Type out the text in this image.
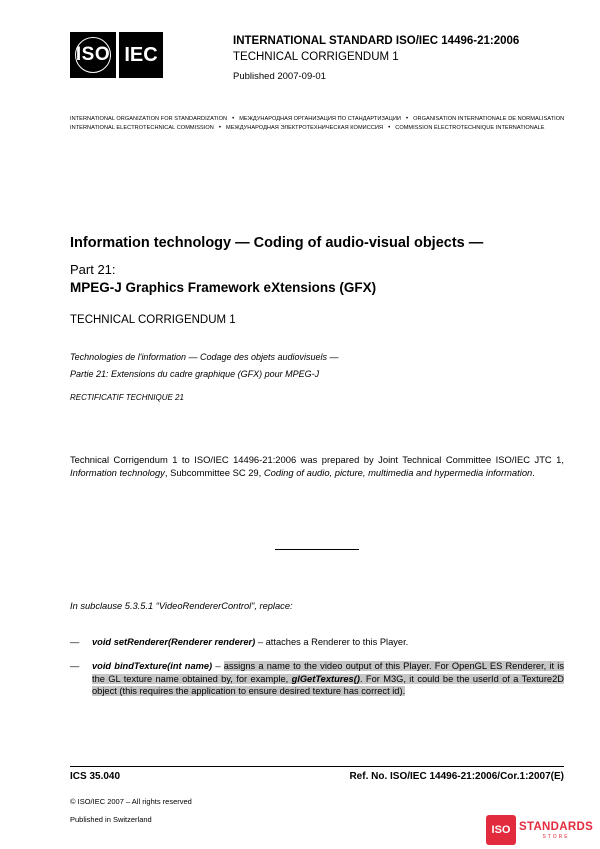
ISO IEC
INTERNATIONAL STANDARD ISO/IEC 14496-21:2006
TECHNICAL CORRIGENDUM 1
Published 2007-09-01
INTERNATIONAL ORGANIZATION FOR STANDARDIZATION • МЕЖДУНАРОДНАЯ ОРГАНИЗАЦИЯ ПО СТАНДАРТИЗАЦИИ • ORGANISATION INTERNATIONALE DE NORMALISATION
INTERNATIONAL ELECTROTECHNICAL COMMISSION • МЕЖДУНАРОДНАЯ ЭЛЕКТРОТЕХНИЧЕСКАЯ КОМИССИЯ • COMMISSION ÉLECTROTECHNIQUE INTERNATIONALE
Information technology — Coding of audio-visual objects —
Part 21:
MPEG-J Graphics Framework eXtensions (GFX)
TECHNICAL CORRIGENDUM 1
Technologies de l'information — Codage des objets audiovisuels —
Partie 21: Extensions du cadre graphique (GFX) pour MPEG-J
RECTIFICATIF TECHNIQUE 21
Technical Corrigendum 1 to ISO/IEC 14496-21:2006 was prepared by Joint Technical Committee ISO/IEC JTC 1, Information technology, Subcommittee SC 29, Coding of audio, picture, multimedia and hypermedia information.
In subclause 5.3.5.1 “VideoRendererControl”, replace:
— void setRenderer(Renderer renderer) – attaches a Renderer to this Player.
— void bindTexture(int name) – assigns a name to the video output of this Player. For OpenGL ES Renderer, it is the GL texture name obtained by, for example, glGetTextures(). For M3G, it could be the userId of a Texture2D object (this requires the application to ensure desired texture has correct id).
ICS 35.040	Ref. No. ISO/IEC 14496-21:2006/Cor.1:2007(E)
© ISO/IEC 2007 – All rights reserved
Published in Switzerland
ISO STANDARDS
STORE
